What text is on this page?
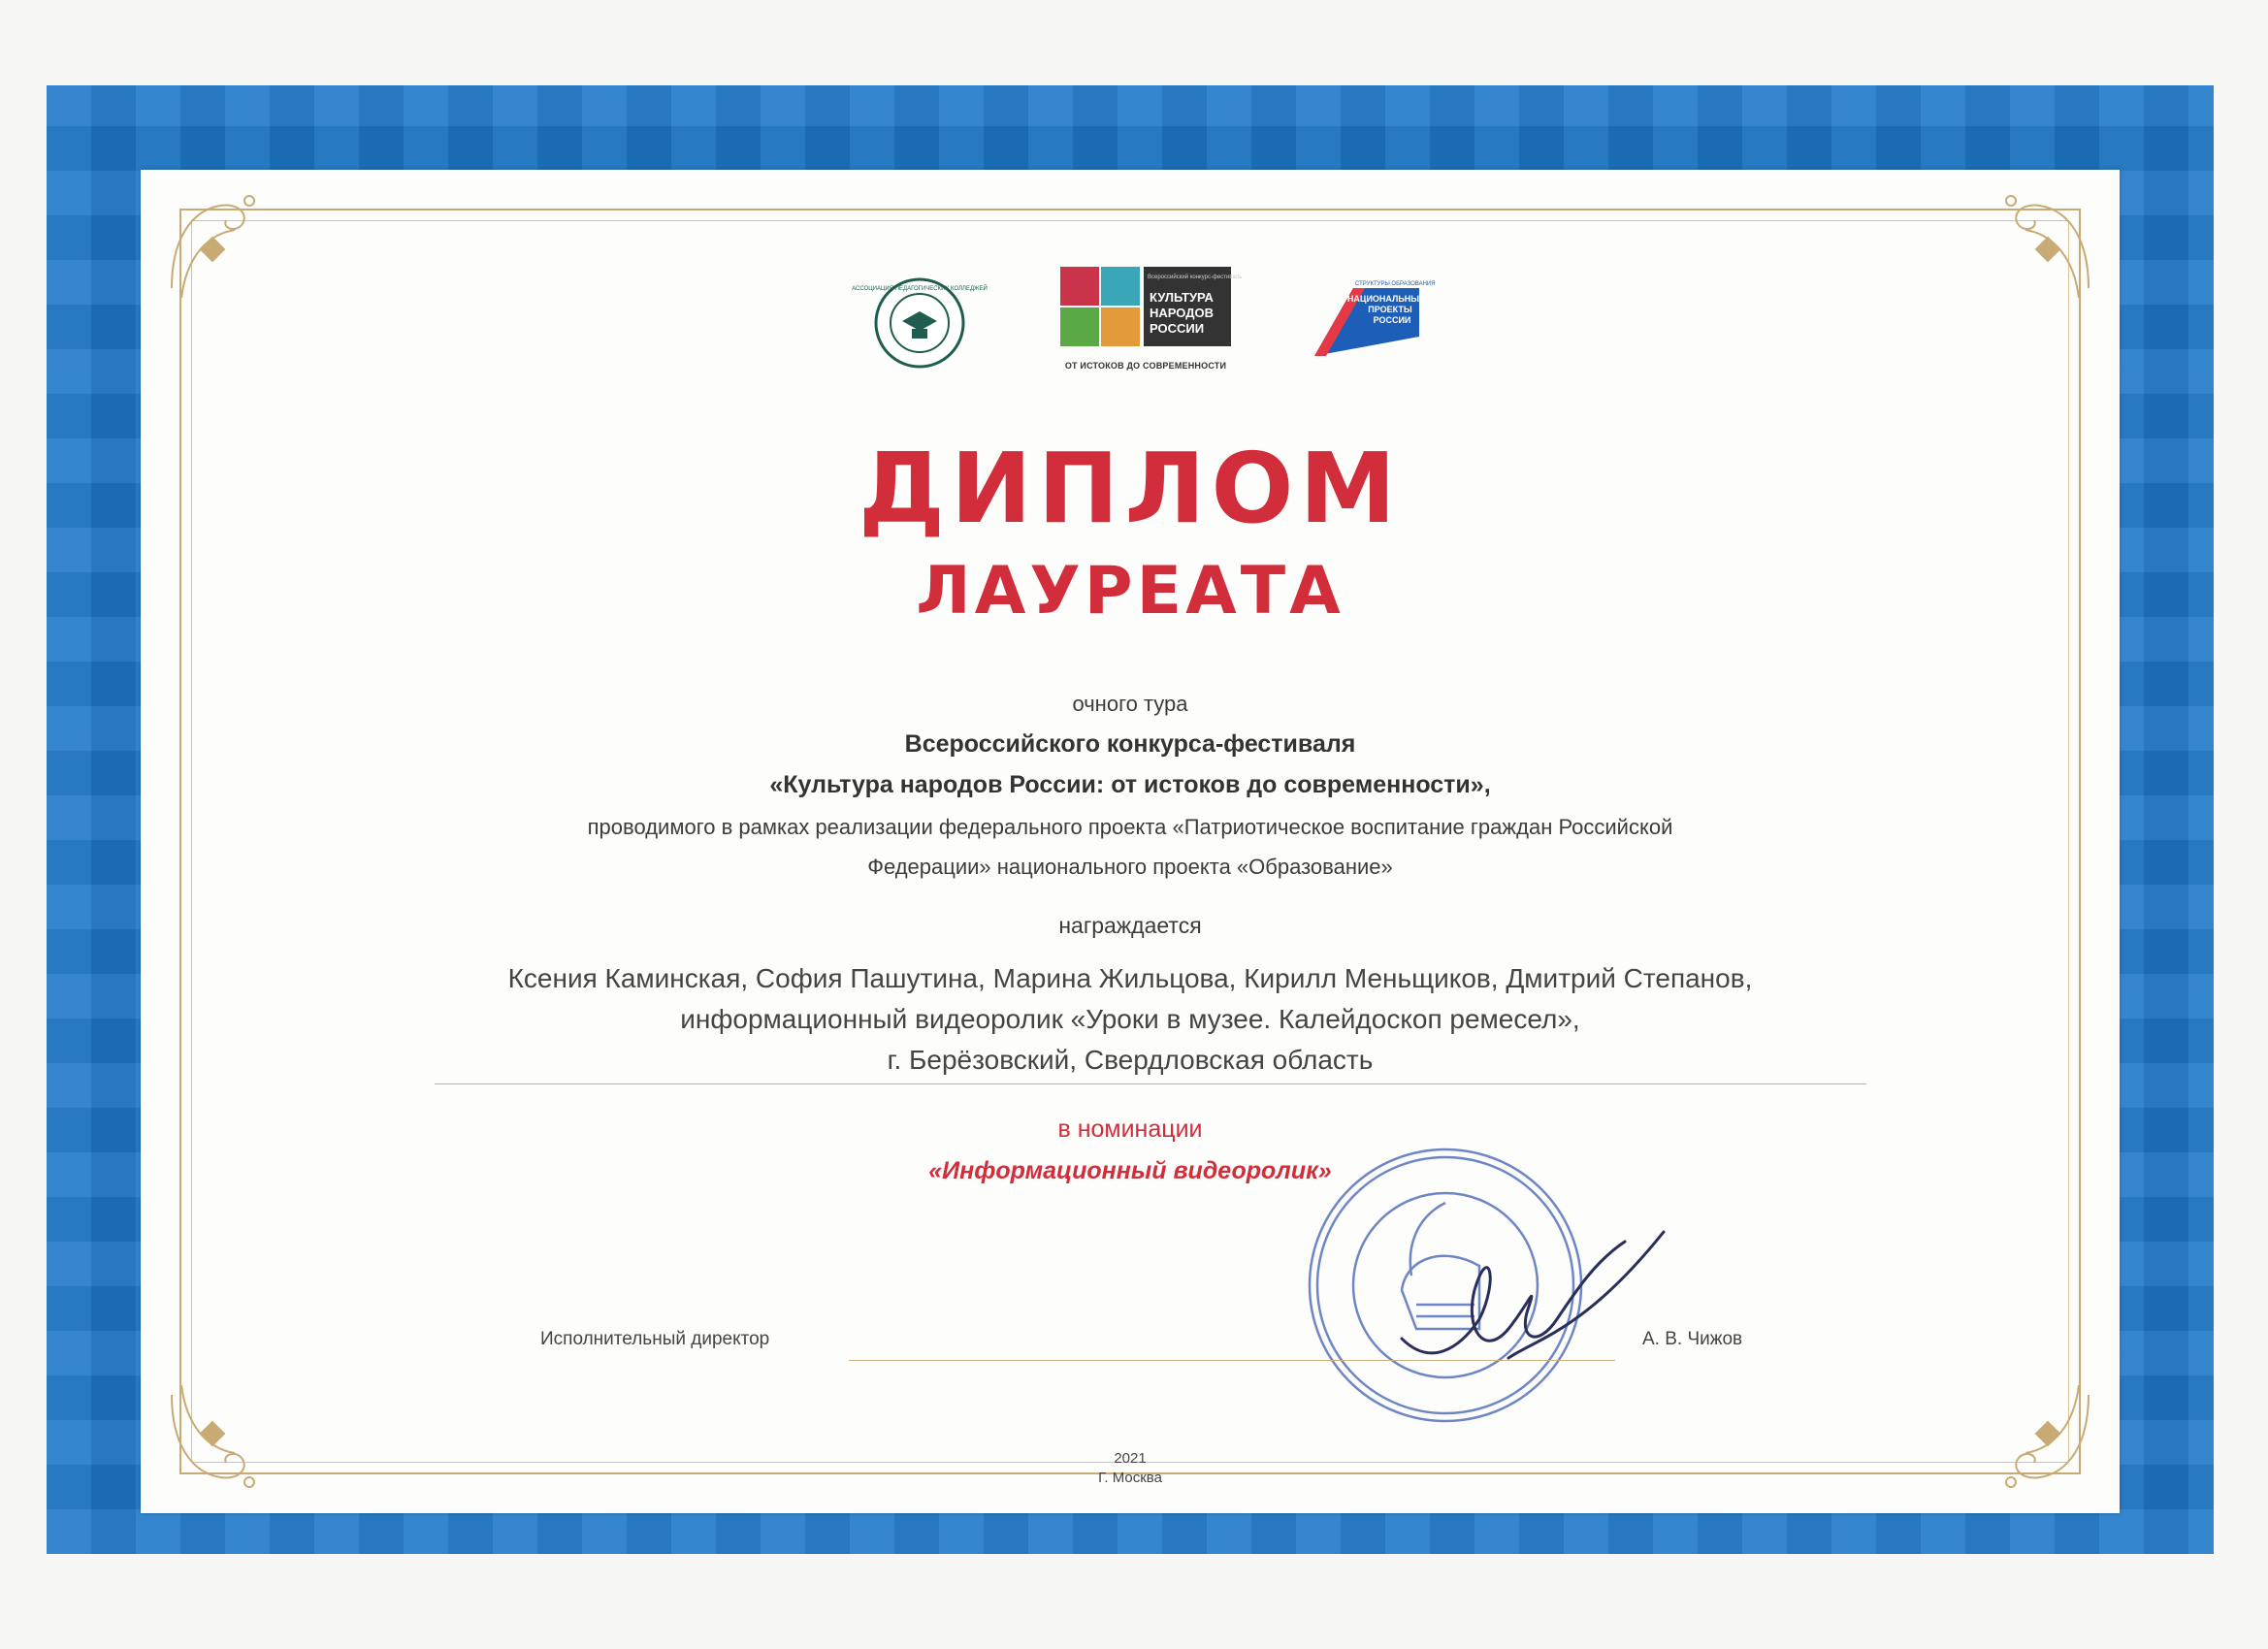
АССОЦИАЦИЯ ПЕДАГОГИЧЕСКИХ КОЛЛЕДЖЕЙ
Всероссийский конкурс-фестиваль
КУЛЬТУРА
НАРОДОВ
РОССИИ
ОТ ИСТОКОВ ДО СОВРЕМЕННОСТИ
СТРУКТУРЫ ОБРАЗОВАНИЯ
НАЦИОНАЛЬНЫЕ
ПРОЕКТЫ
РОССИИ
ДИПЛОМ
ЛАУРЕАТА
очного тура
Всероссийского конкурса-фестиваля
«Культура народов России: от истоков до современности»,
проводимого в рамках реализации федерального проекта «Патриотическое воспитание граждан Российской
Федерации» национального проекта «Образование»
награждается
Ксения Каминская, София Пашутина, Марина Жильцова, Кирилл Меньщиков, Дмитрий Степанов,
информационный видеоролик «Уроки в музее. Калейдоскоп ремесел»,
г. Берёзовский, Свердловская область
в номинации
«Информационный видеоролик»
Исполнительный директор	А. В. Чижов
2021
Г. Москва
